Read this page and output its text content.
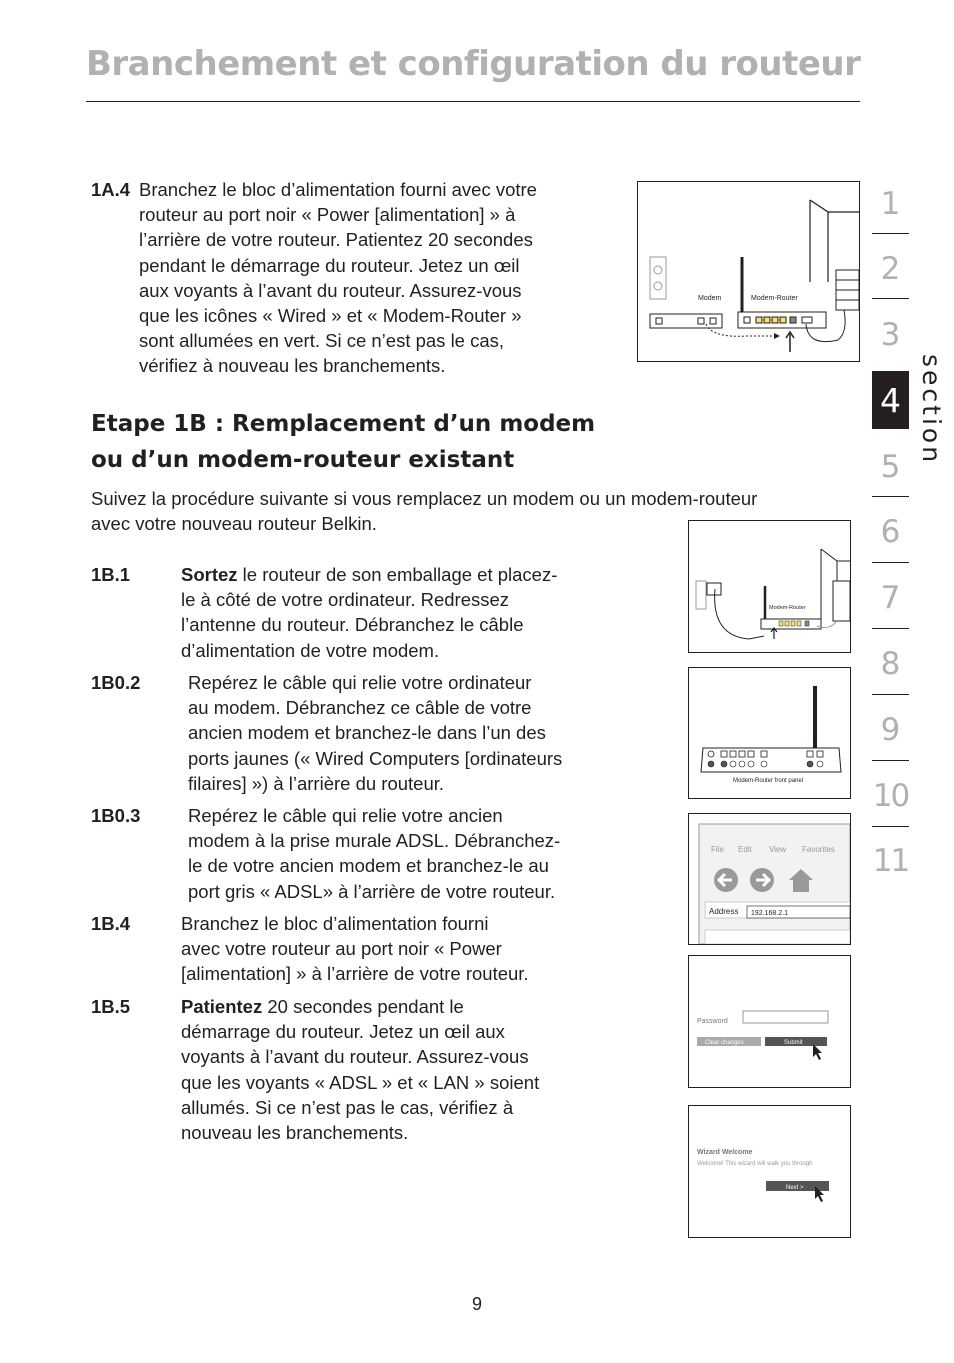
Branchement et configuration du routeur
1A.4 Branchez le bloc d’alimentation fourni avec votre
routeur au port noir « Power [alimentation] » à
l’arrière de votre routeur. Patientez 20 secondes
pendant le démarrage du routeur. Jetez un œil
aux voyants à l’avant du routeur. Assurez-vous
que les icônes « Wired » et « Modem-Router »
sont allumées en vert. Si ce n’est pas le cas,
vérifiez à nouveau les branchements.
Etape 1B : Remplacement d’un modem
ou d’un modem-routeur existant
Suivez la procédure suivante si vous remplacez un modem ou un modem-routeur
avec votre nouveau routeur Belkin.
1B.1	Sortez le routeur de son emballage et placez-
le à côté de votre ordinateur. Redressez
l’antenne du routeur. Débranchez le câble
d’alimentation de votre modem.
1B0.2	Repérez le câble qui relie votre ordinateur
au modem. Débranchez ce câble de votre
ancien modem et branchez-le dans l’un des
ports jaunes (« Wired Computers [ordinateurs
filaires] ») à l’arrière du routeur.
1B0.3	Repérez le câble qui relie votre ancien
modem à la prise murale ADSL. Débranchez-
le de votre ancien modem et branchez-le au
port gris « ADSL» à l’arrière de votre routeur.
1B.4	Branchez le bloc d’alimentation fourni
avec votre routeur au port noir « Power
[alimentation] » à l’arrière de votre routeur.
1B.5	Patientez 20 secondes pendant le
démarrage du routeur. Jetez un œil aux
voyants à l’avant du routeur. Assurez-vous
que les voyants « ADSL » et « LAN » soient
allumés. Si ce n’est pas le cas, vérifiez à
nouveau les branchements.
Modem	Modem-Router
Modem-Router
Modem-Router front panel
File Edit View Favorites
Address 192.168.2.1
Password
Clear changes	Submit
Wizard Welcome
Welcome! This wizard will walk you through
Next >
1
2
3
4
5
6
7
8
9
10
11
section
9
